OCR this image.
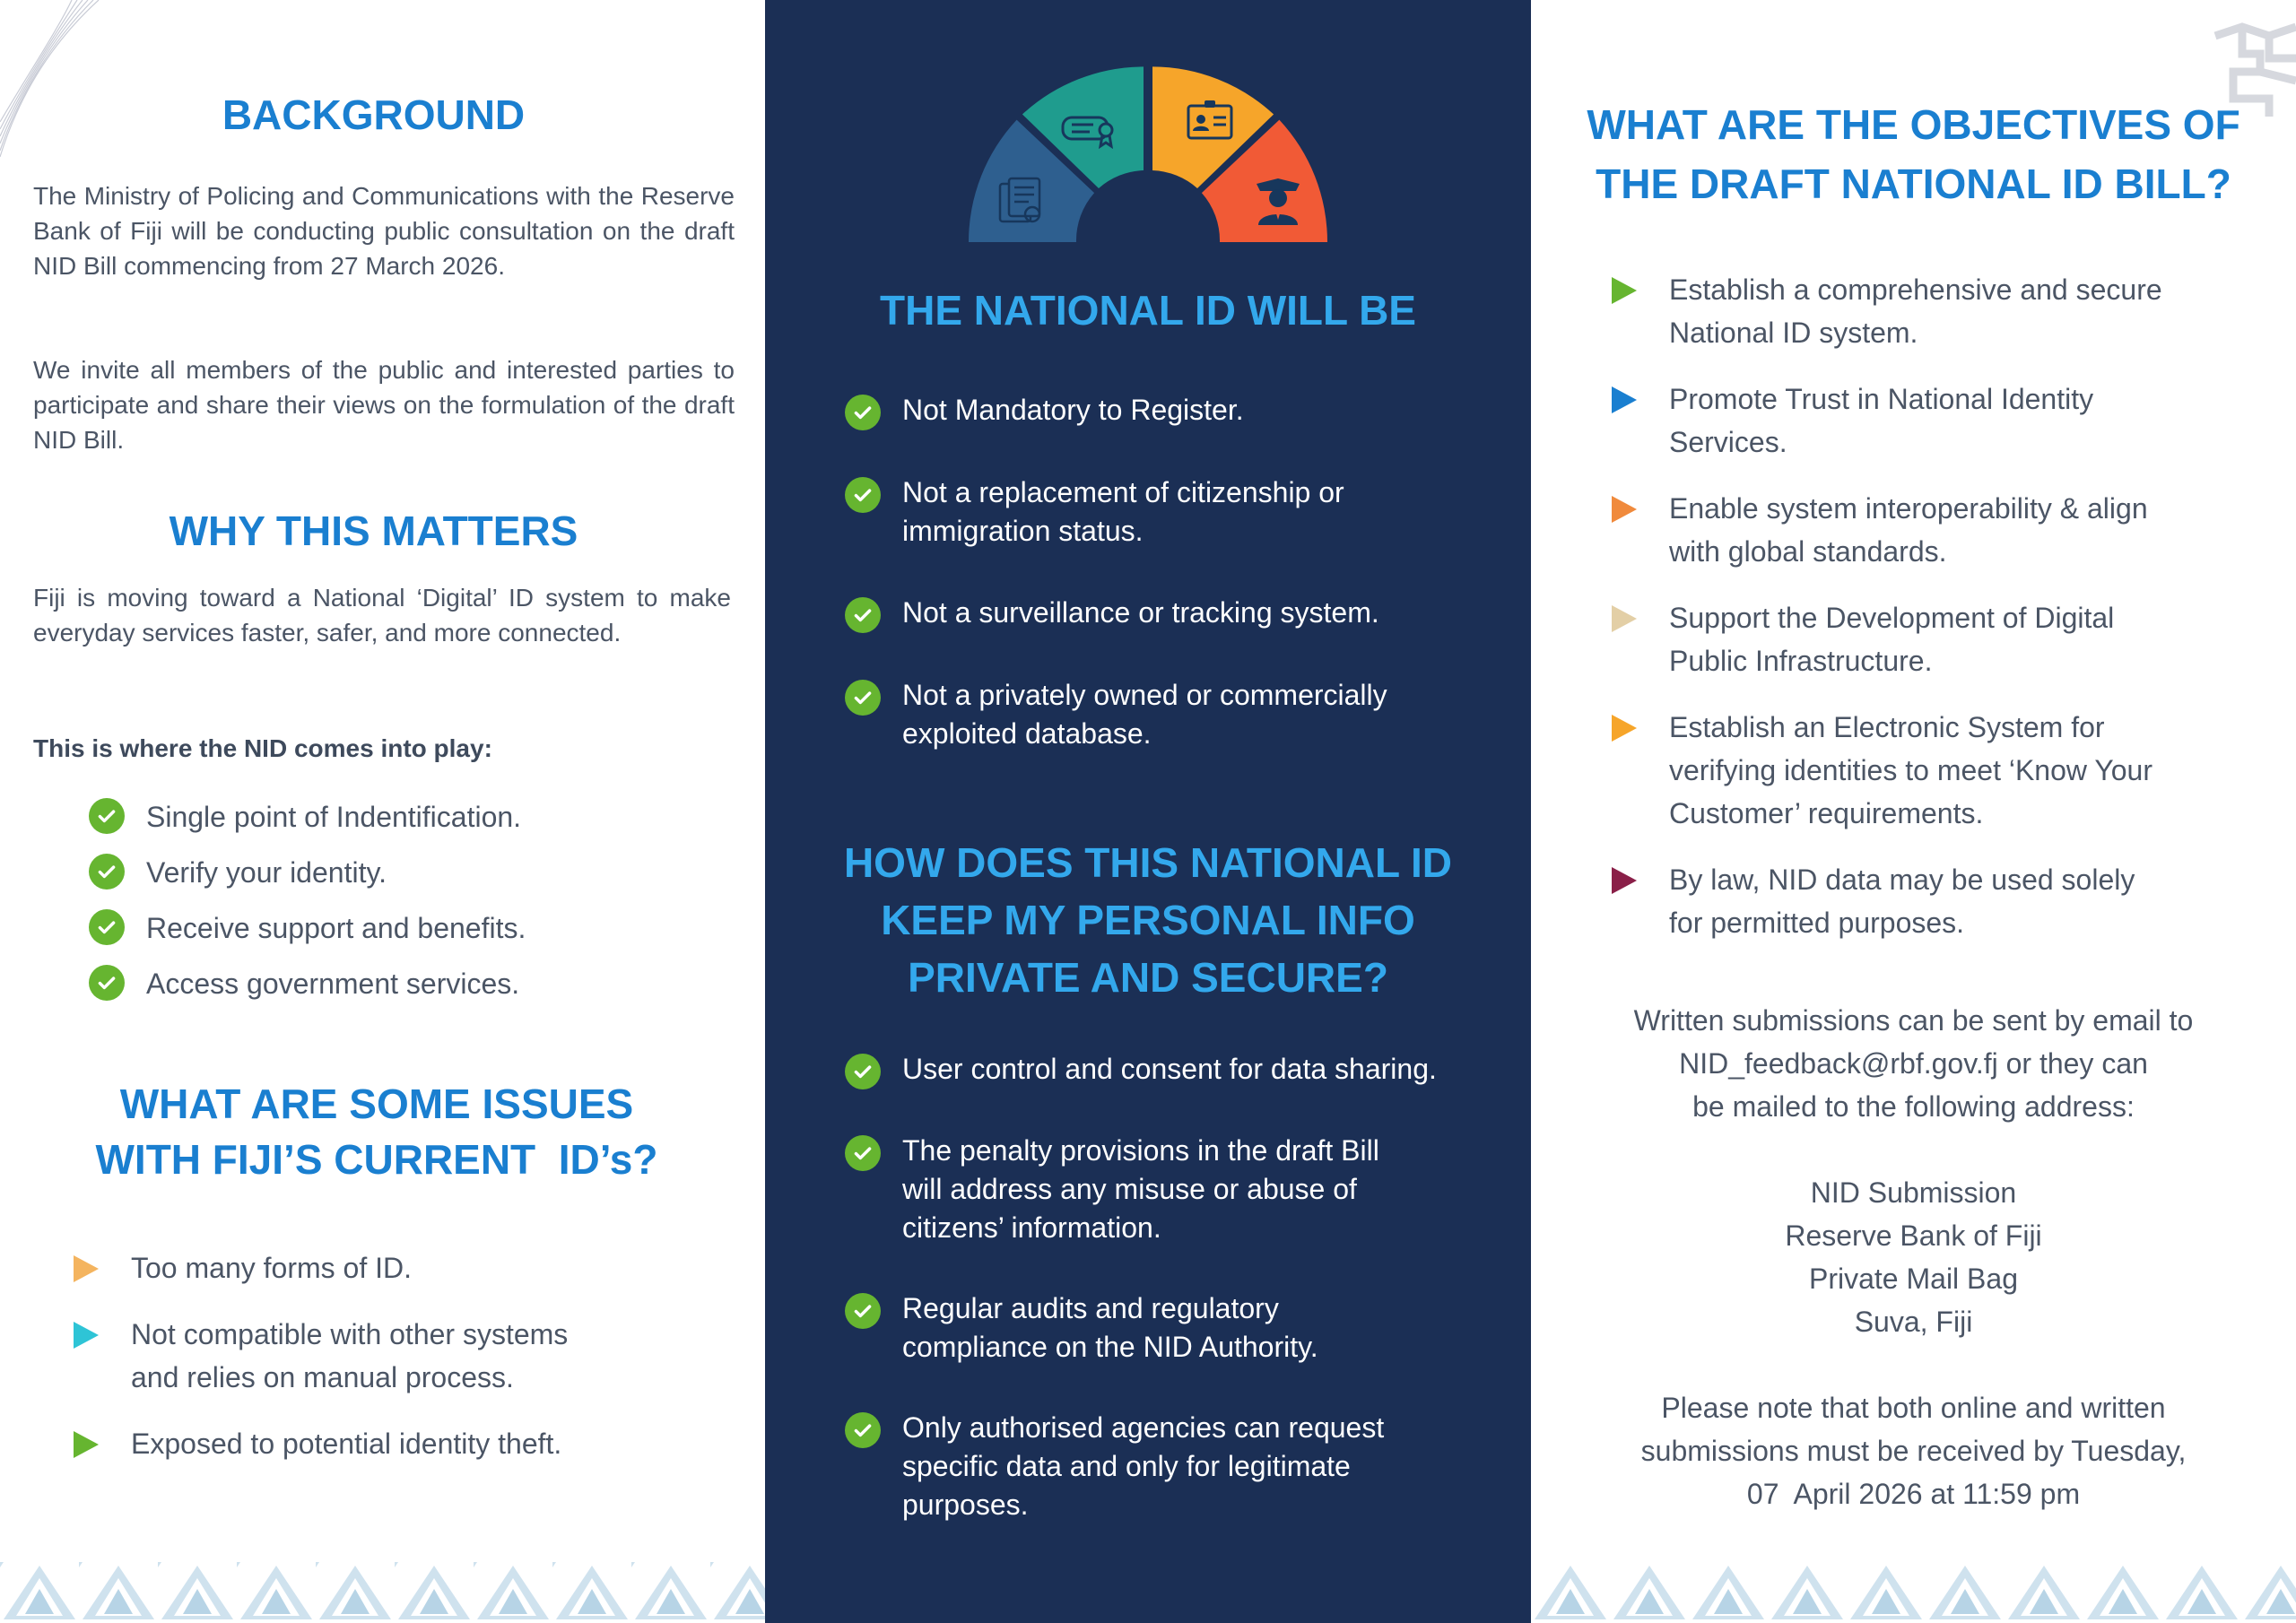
BACKGROUND

The Ministry of Policing and Communications with the Reserve Bank of Fiji will be conducting public consultation on the draft NID Bill commencing from 27 March 2026.

We invite all members of the public and interested parties to participate and share their views on the formulation of the draft NID Bill.

WHY THIS MATTERS

Fiji is moving toward a National ‘Digital’ ID system to make everyday services faster, safer, and more connected.

This is where the NID comes into play:

Single point of Indentification.
Verify your identity.
Receive support and benefits.
Access government services.
WHAT ARE SOME ISSUES
WITH FIJI’S CURRENT  ID’s?
Too many forms of ID.
Not compatible with other systems
and relies on manual process.
Exposed to potential identity theft.
THE NATIONAL ID WILL BE
Not Mandatory to Register.
Not a replacement of citizenship or
immigration status.
Not a surveillance or tracking system.
Not a privately owned or commercially
exploited database.
HOW DOES THIS NATIONAL ID
KEEP MY PERSONAL INFO
PRIVATE AND SECURE?
User control and consent for data sharing.
The penalty provisions in the draft Bill
will address any misuse or abuse of
citizens’ information.
Regular audits and regulatory
compliance on the NID Authority.
Only authorised agencies can request
specific data and only for legitimate
purposes.
WHAT ARE THE OBJECTIVES OF
THE DRAFT NATIONAL ID BILL?
Establish a comprehensive and secure
National ID system.
Promote Trust in National Identity
Services.
Enable system interoperability & align
with global standards.
Support the Development of Digital
Public Infrastructure.
Establish an Electronic System for
verifying identities to meet ‘Know Your
Customer’ requirements.
By law, NID data may be used solely
for permitted purposes.
Written submissions can be sent by email to
NID_feedback@rbf.gov.fj or they can
be mailed to the following address:
NID Submission
Reserve Bank of Fiji
Private Mail Bag
Suva, Fiji
Please note that both online and written
submissions must be received by Tuesday,
07  April 2026 at 11:59 pm
